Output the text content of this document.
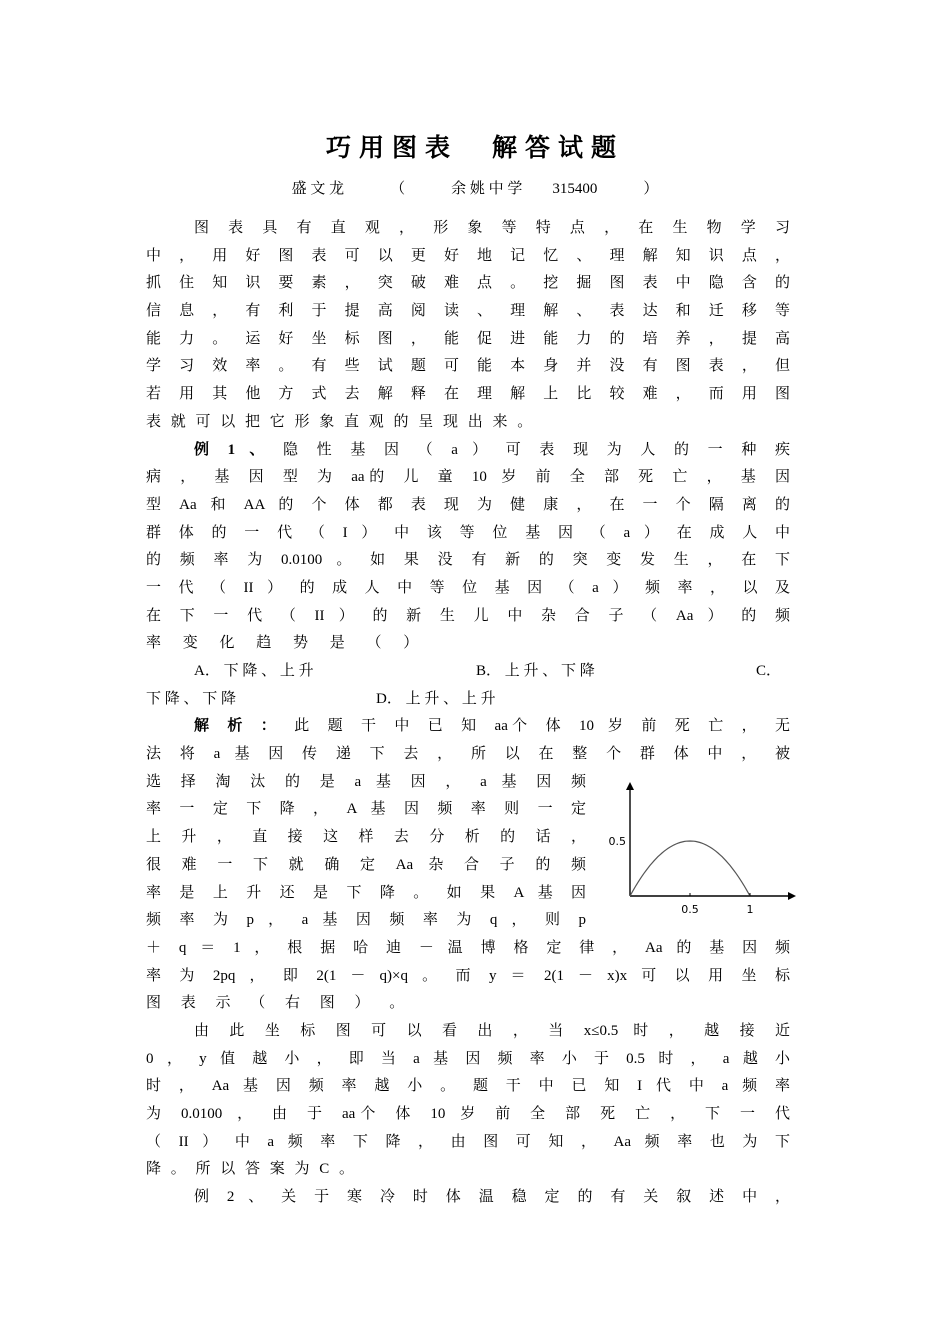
巧用图表 解答试题
盛 文 龙	（	余 姚 中 学 315400	）
图 表 具 有 直 观 ， 形 象 等 特 点 ， 在 生 物 学 习
中 ， 用 好 图 表 可 以 更 好 地 记 忆 、 理 解 知 识 点 ，
抓 住 知 识 要 素 ， 突 破 难 点 。 挖 掘 图 表 中 隐 含 的
信 息 ， 有 利 于 提 高 阅 读 、 理 解 、 表 达 和 迁 移 等
能 力 。 运 好 坐 标 图 ， 能 促 进 能 力 的 培 养 ， 提 高
学 习 效 率 。 有 些 试 题 可 能 本 身 并 没 有 图 表 ， 但
若 用 其 他 方 式 去 解 释 在 理 解 上 比 较 难 ， 而 用 图
表 就 可 以 把 它 形 象 直 观 的 呈 现 出 来 。
例 1 、 隐 性 基 因 （ a ） 可 表 现 为 人 的 一 种 疾
病 ， 基 因 型 为 aa的 儿 童 10 岁 前 全 部 死 亡 ， 基 因
型 Aa 和 AA 的 个 体 都 表 现 为 健 康 ， 在 一 个 隔 离 的
群 体 的 一 代 （ I ） 中 该 等 位 基 因 （ a ） 在 成 人 中
的 频 率 为 0.0100 。 如 果 没 有 新 的 突 变 发 生 ， 在 下
一 代 （ II ） 的 成 人 中 等 位 基 因 （ a ） 频 率 ， 以 及
在 下 一 代 （ II ） 的 新 生 儿 中 杂 合 子 （ Aa ） 的 频
率 变 化 趋 势 是 （ ）
A． 下 降 、 上 升	B． 上 升 、 下 降	C．
下 降 、 下 降	D． 上 升 、 上 升
解 析 ： 此 题 干 中 已 知 aa个 体 10 岁 前 死 亡 ， 无
法 将 a 基 因 传 递 下 去 ， 所 以 在 整 个 群 体 中 ， 被
选 择 淘 汰 的 是 a 基 因 ， a 基 因 频
率 一 定 下 降 ， A 基 因 频 率 则 一 定
上 升 ， 直 接 这 样 去 分 析 的 话 ，
很 难 一 下 就 确 定 Aa 杂 合 子 的 频
率 是 上 升 还 是 下 降 。 如 果 A 基 因
频 率 为 p ， a 基 因 频 率 为 q ， 则 p
＋ q ＝ 1 ， 根 据 哈 迪 － 温 博 格 定 律 ， Aa 的 基 因 频
率 为 2pq ， 即 2(1 － q)×q 。 而 y ＝ 2(1 － x)x 可 以 用 坐 标
图 表 示 （ 右 图 ） 。
由 此 坐 标 图 可 以 看 出 ， 当 x≤0.5 时 ， 越 接 近
0 ， y 值 越 小 ， 即 当 a 基 因 频 率 小 于 0.5 时 ， a 越 小
时 ， Aa 基 因 频 率 越 小 。 题 干 中 已 知 I 代 中 a 频 率
为 0.0100 ， 由 于 aa个 体 10 岁 前 全 部 死 亡 ， 下 一 代
（ II ） 中 a 频 率 下 降 ， 由 图 可 知 ， Aa 频 率 也 为 下
降 。 所 以 答 案 为 C 。
例 2 、 关 于 寒 冷 时 体 温 稳 定 的 有 关 叙 述 中 ，
0.5	1
0.5
